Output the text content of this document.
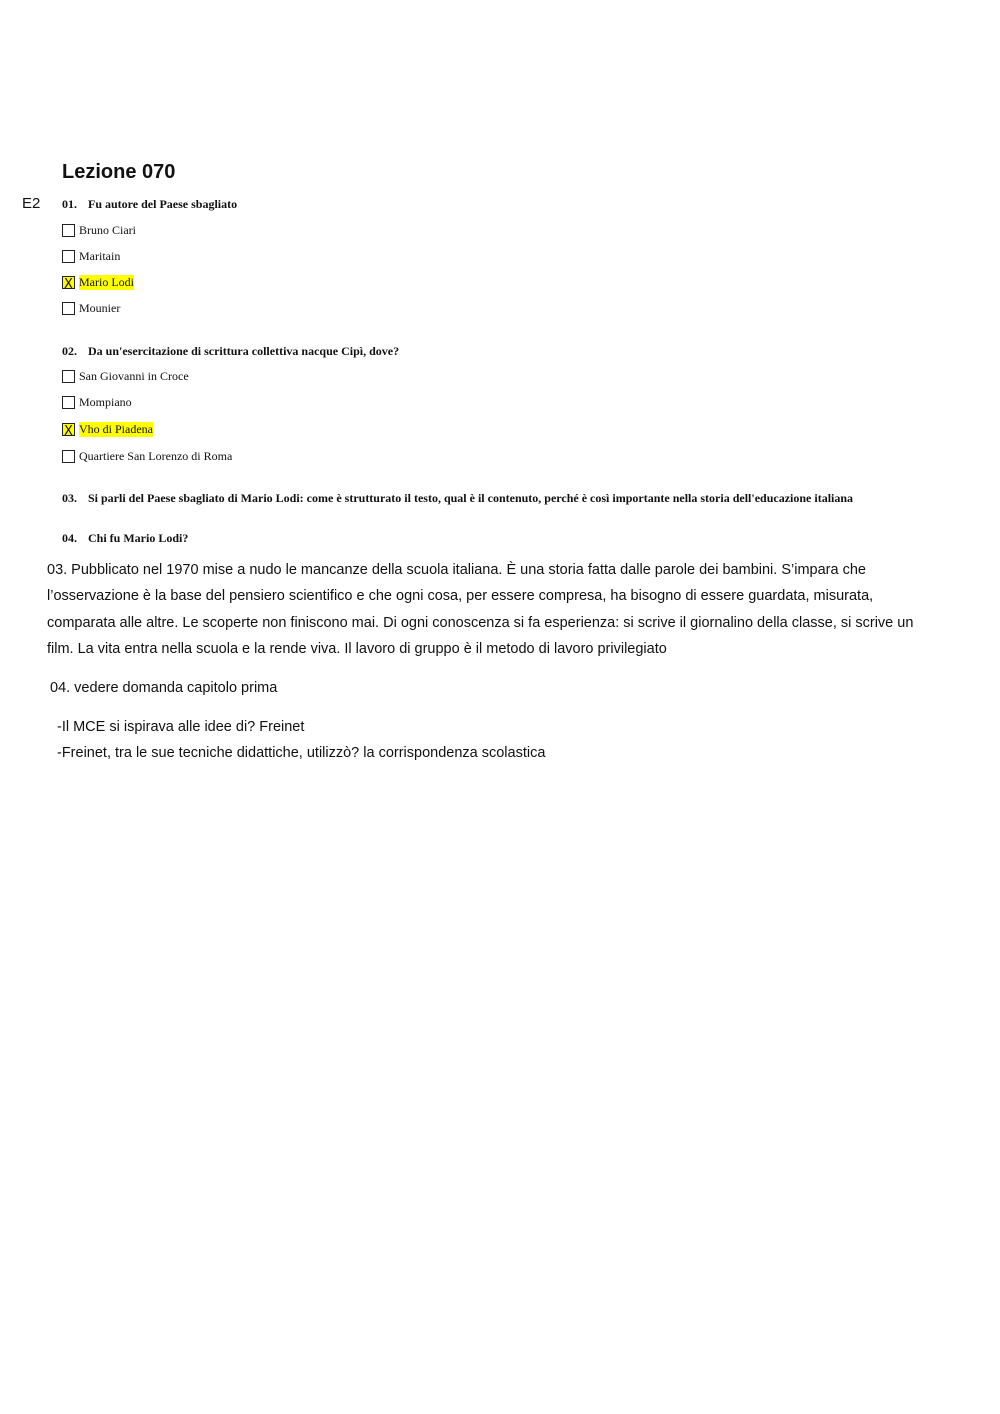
Lezione 070
E2 01. Fu autore del Paese sbagliato
Bruno Ciari
Maritain
X Mario Lodi
Mounier
02. Da un'esercitazione di scrittura collettiva nacque Cipì, dove?
San Giovanni in Croce
Mompiano
X Vho di Piadena
Quartiere San Lorenzo di Roma
03. Si parli del Paese sbagliato di Mario Lodi: come è strutturato il testo, qual è il contenuto, perché è così importante nella storia dell'educazione italiana
04. Chi fu Mario Lodi?
03. Pubblicato nel 1970 mise a nudo le mancanze della scuola italiana. È una storia fatta dalle parole dei bambini. S’impara che
l’osservazione è la base del pensiero scientifico e che ogni cosa, per essere compresa, ha bisogno di essere guardata, misurata,
comparata alle altre. Le scoperte non finiscono mai. Di ogni conoscenza si fa esperienza: si scrive il giornalino della classe, si scrive un
film. La vita entra nella scuola e la rende viva. Il lavoro di gruppo è il metodo di lavoro privilegiato
04. vedere domanda capitolo prima
-Il MCE si ispirava alle idee di? Freinet
-Freinet, tra le sue tecniche didattiche, utilizzò? la corrispondenza scolastica
